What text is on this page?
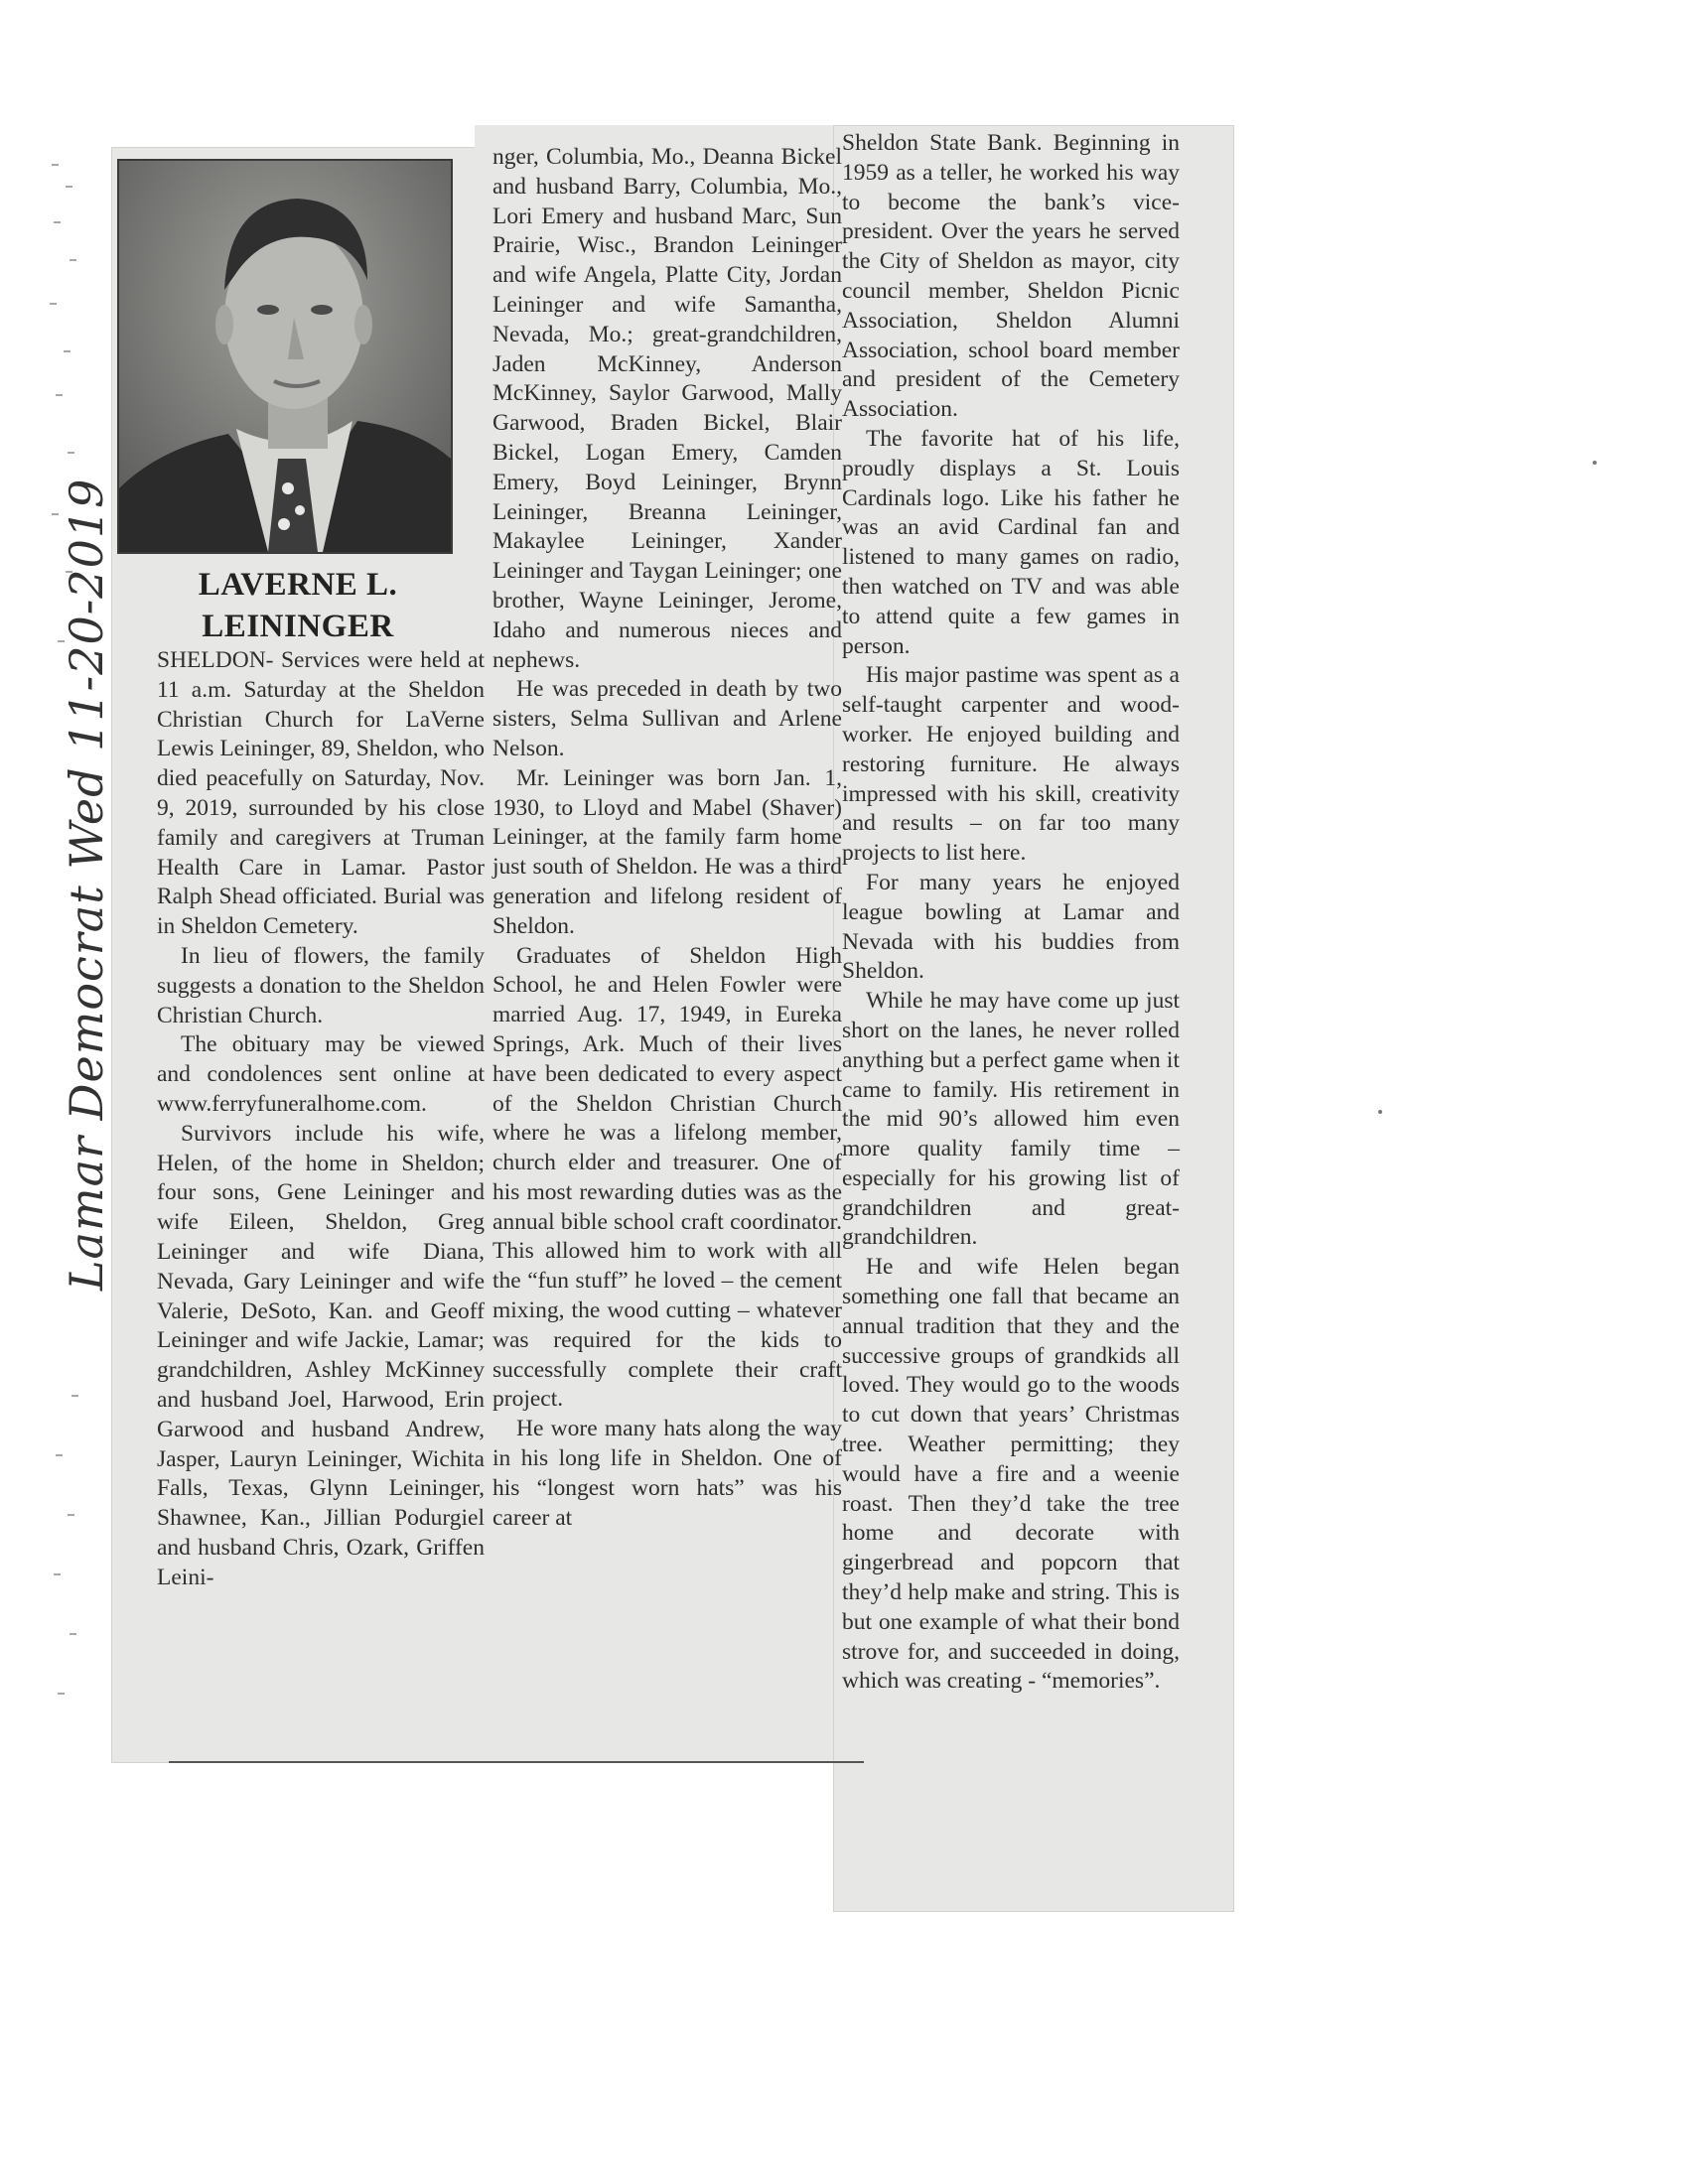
LAVERNE L.
LEININGER

SHELDON- Services were held at 11 a.m. Saturday at the Sheldon Christian Church for LaVerne Lewis Leininger, 89, Sheldon, who died peacefully on Saturday, Nov. 9, 2019, surrounded by his close family and caregivers at Truman Health Care in Lamar. Pastor Ralph Shead officiated. Burial was in Sheldon Cemetery.

In lieu of flowers, the family suggests a donation to the Sheldon Christian Church.

The obituary may be viewed and condolences sent online at www.ferryfuneralhome.com.

Survivors include his wife, Helen, of the home in Sheldon; four sons, Gene Leininger and wife Eileen, Sheldon, Greg Leininger and wife Diana, Nevada, Gary Leininger and wife Valerie, DeSoto, Kan. and Geoff Leininger and wife Jackie, Lamar; grandchildren, Ashley McKinney and husband Joel, Harwood, Erin Garwood and husband Andrew, Jasper, Lauryn Leininger, Wichita Falls, Texas, Glynn Leininger, Shawnee, Kan., Jillian Podurgiel and husband Chris, Ozark, Griffen Leini-

nger, Columbia, Mo., Deanna Bickel and husband Barry, Columbia, Mo., Lori Emery and husband Marc, Sun Prairie, Wisc., Brandon Leininger and wife Angela, Platte City, Jordan Leininger and wife Samantha, Nevada, Mo.; great-grandchildren, Jaden McKinney, Anderson McKinney, Saylor Garwood, Mally Garwood, Braden Bickel, Blair Bickel, Logan Emery, Camden Emery, Boyd Leininger, Brynn Leininger, Breanna Leininger, Makaylee Leininger, Xander Leininger and Taygan Leininger; one brother, Wayne Leininger, Jerome, Idaho and numerous nieces and nephews.

He was preceded in death by two sisters, Selma Sullivan and Arlene Nelson.

Mr. Leininger was born Jan. 1, 1930, to Lloyd and Mabel (Shaver) Leininger, at the family farm home just south of Sheldon. He was a third generation and lifelong resident of Sheldon.

Graduates of Sheldon High School, he and Helen Fowler were married Aug. 17, 1949, in Eureka Springs, Ark. Much of their lives have been dedicated to every aspect of the Sheldon Christian Church where he was a lifelong member, church elder and treasurer. One of his most rewarding duties was as the annual bible school craft coordinator. This allowed him to work with all the “fun stuff” he loved – the cement mixing, the wood cutting – whatever was required for the kids to successfully complete their craft project.

He wore many hats along the way in his long life in Sheldon. One of his “longest worn hats” was his career at

Sheldon State Bank. Beginning in 1959 as a teller, he worked his way to become the bank’s vice-president. Over the years he served the City of Sheldon as mayor, city council member, Sheldon Picnic Association, Sheldon Alumni Association, school board member and president of the Cemetery Association.

The favorite hat of his life, proudly displays a St. Louis Cardinals logo. Like his father he was an avid Cardinal fan and listened to many games on radio, then watched on TV and was able to attend quite a few games in person.

His major pastime was spent as a self-taught carpenter and wood-worker. He enjoyed building and restoring furniture. He always impressed with his skill, creativity and results – on far too many projects to list here.

For many years he enjoyed league bowling at Lamar and Nevada with his buddies from Sheldon.

While he may have come up just short on the lanes, he never rolled anything but a perfect game when it came to family. His retirement in the mid 90’s allowed him even more quality family time – especially for his growing list of grandchildren and great-grandchildren.

He and wife Helen began something one fall that became an annual tradition that they and the successive groups of grandkids all loved. They would go to the woods to cut down that years’ Christmas tree. Weather permitting; they would have a fire and a weenie roast. Then they’d take the tree home and decorate with gingerbread and popcorn that they’d help make and string. This is but one example of what their bond strove for, and succeeded in doing, which was creating - “memories”.

Lamar Democrat Wed 11-20-2019
